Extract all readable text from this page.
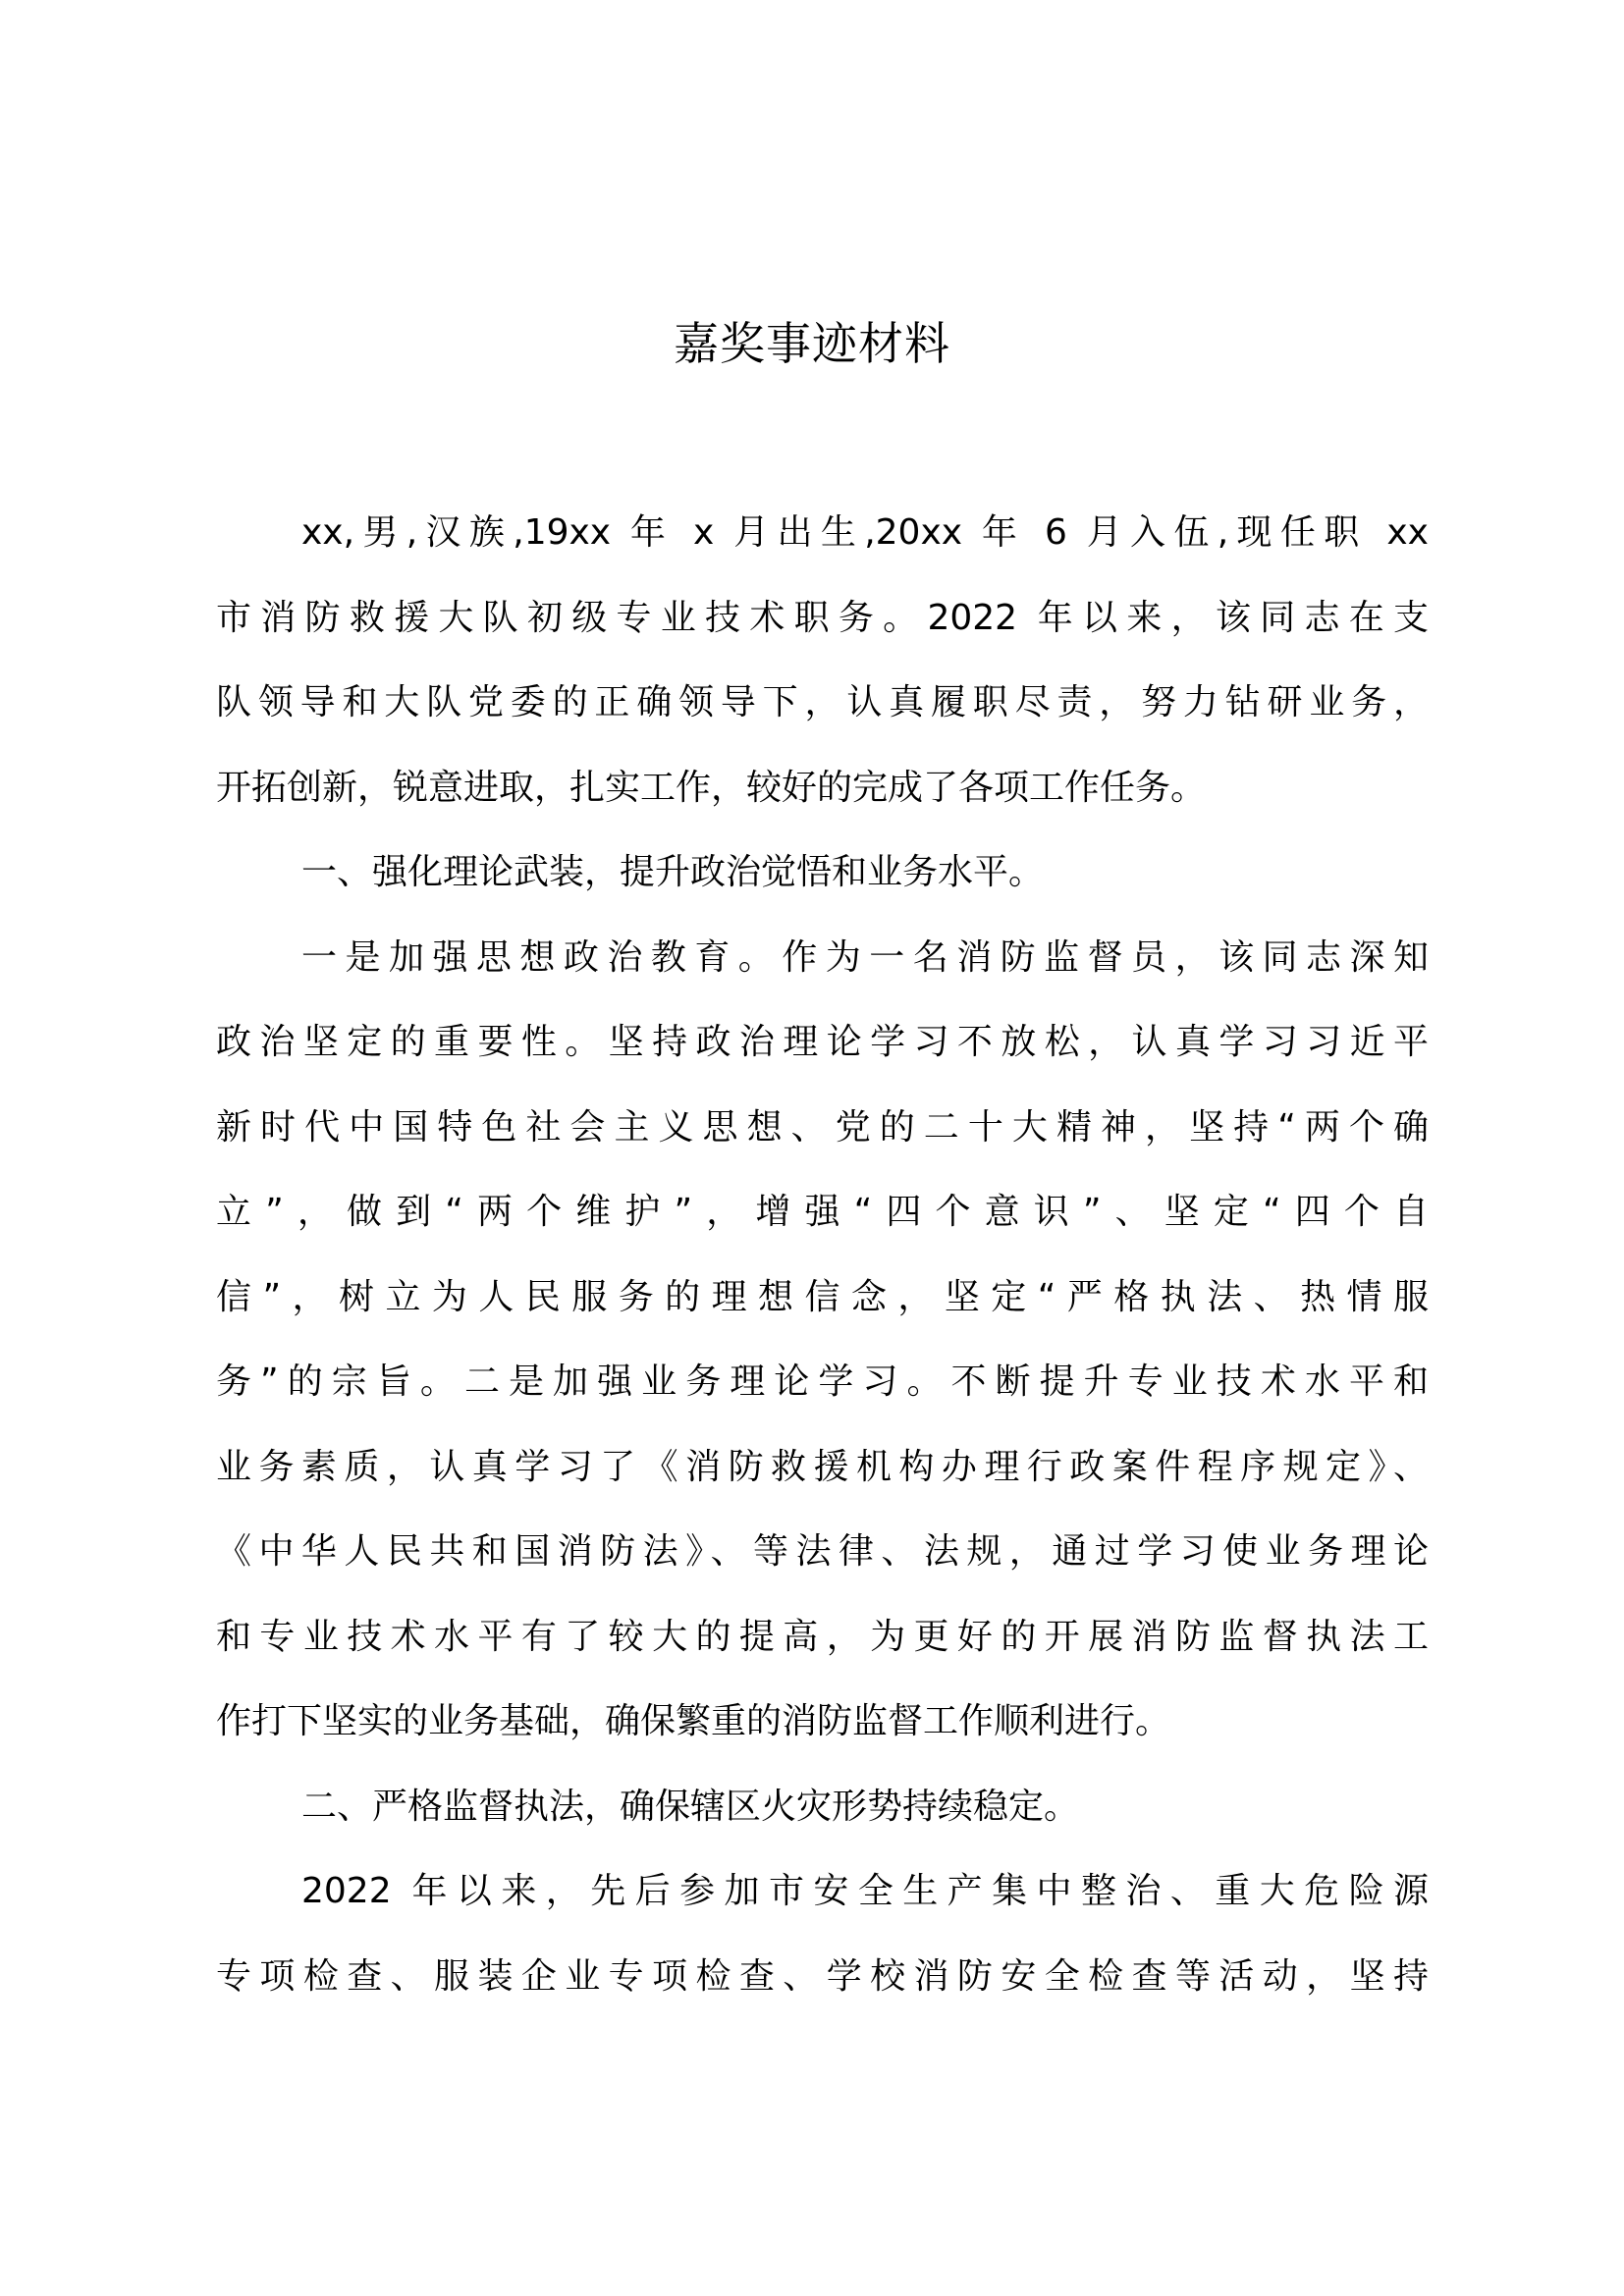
嘉奖事迹材料
xx,男,汉族,19xx 年 x 月出生,20xx 年 6 月入伍,现任职 xx
市消防救援大队初级专业技术职务。2022 年以来，该同志在支
队领导和大队党委的正确领导下，认真履职尽责，努力钻研业务，
开拓创新，锐意进取，扎实工作，较好的完成了各项工作任务。
一、强化理论武装，提升政治觉悟和业务水平。
一是加强思想政治教育。作为一名消防监督员，该同志深知
政治坚定的重要性。坚持政治理论学习不放松，认真学习习近平
新时代中国特色社会主义思想、党的二十大精神，坚持“两个确
立”，做到“两个维护”，增强“四个意识”、坚定“四个自
信”，树立为人民服务的理想信念，坚定“严格执法、热情服
务”的宗旨。二是加强业务理论学习。不断提升专业技术水平和
业务素质，认真学习了《消防救援机构办理行政案件程序规定》、
《中华人民共和国消防法》、等法律、法规，通过学习使业务理论
和专业技术水平有了较大的提高，为更好的开展消防监督执法工
作打下坚实的业务基础，确保繁重的消防监督工作顺利进行。
二、严格监督执法，确保辖区火灾形势持续稳定。
2022 年以来，先后参加市安全生产集中整治、重大危险源
专项检查、服装企业专项检查、学校消防安全检查等活动，坚持
